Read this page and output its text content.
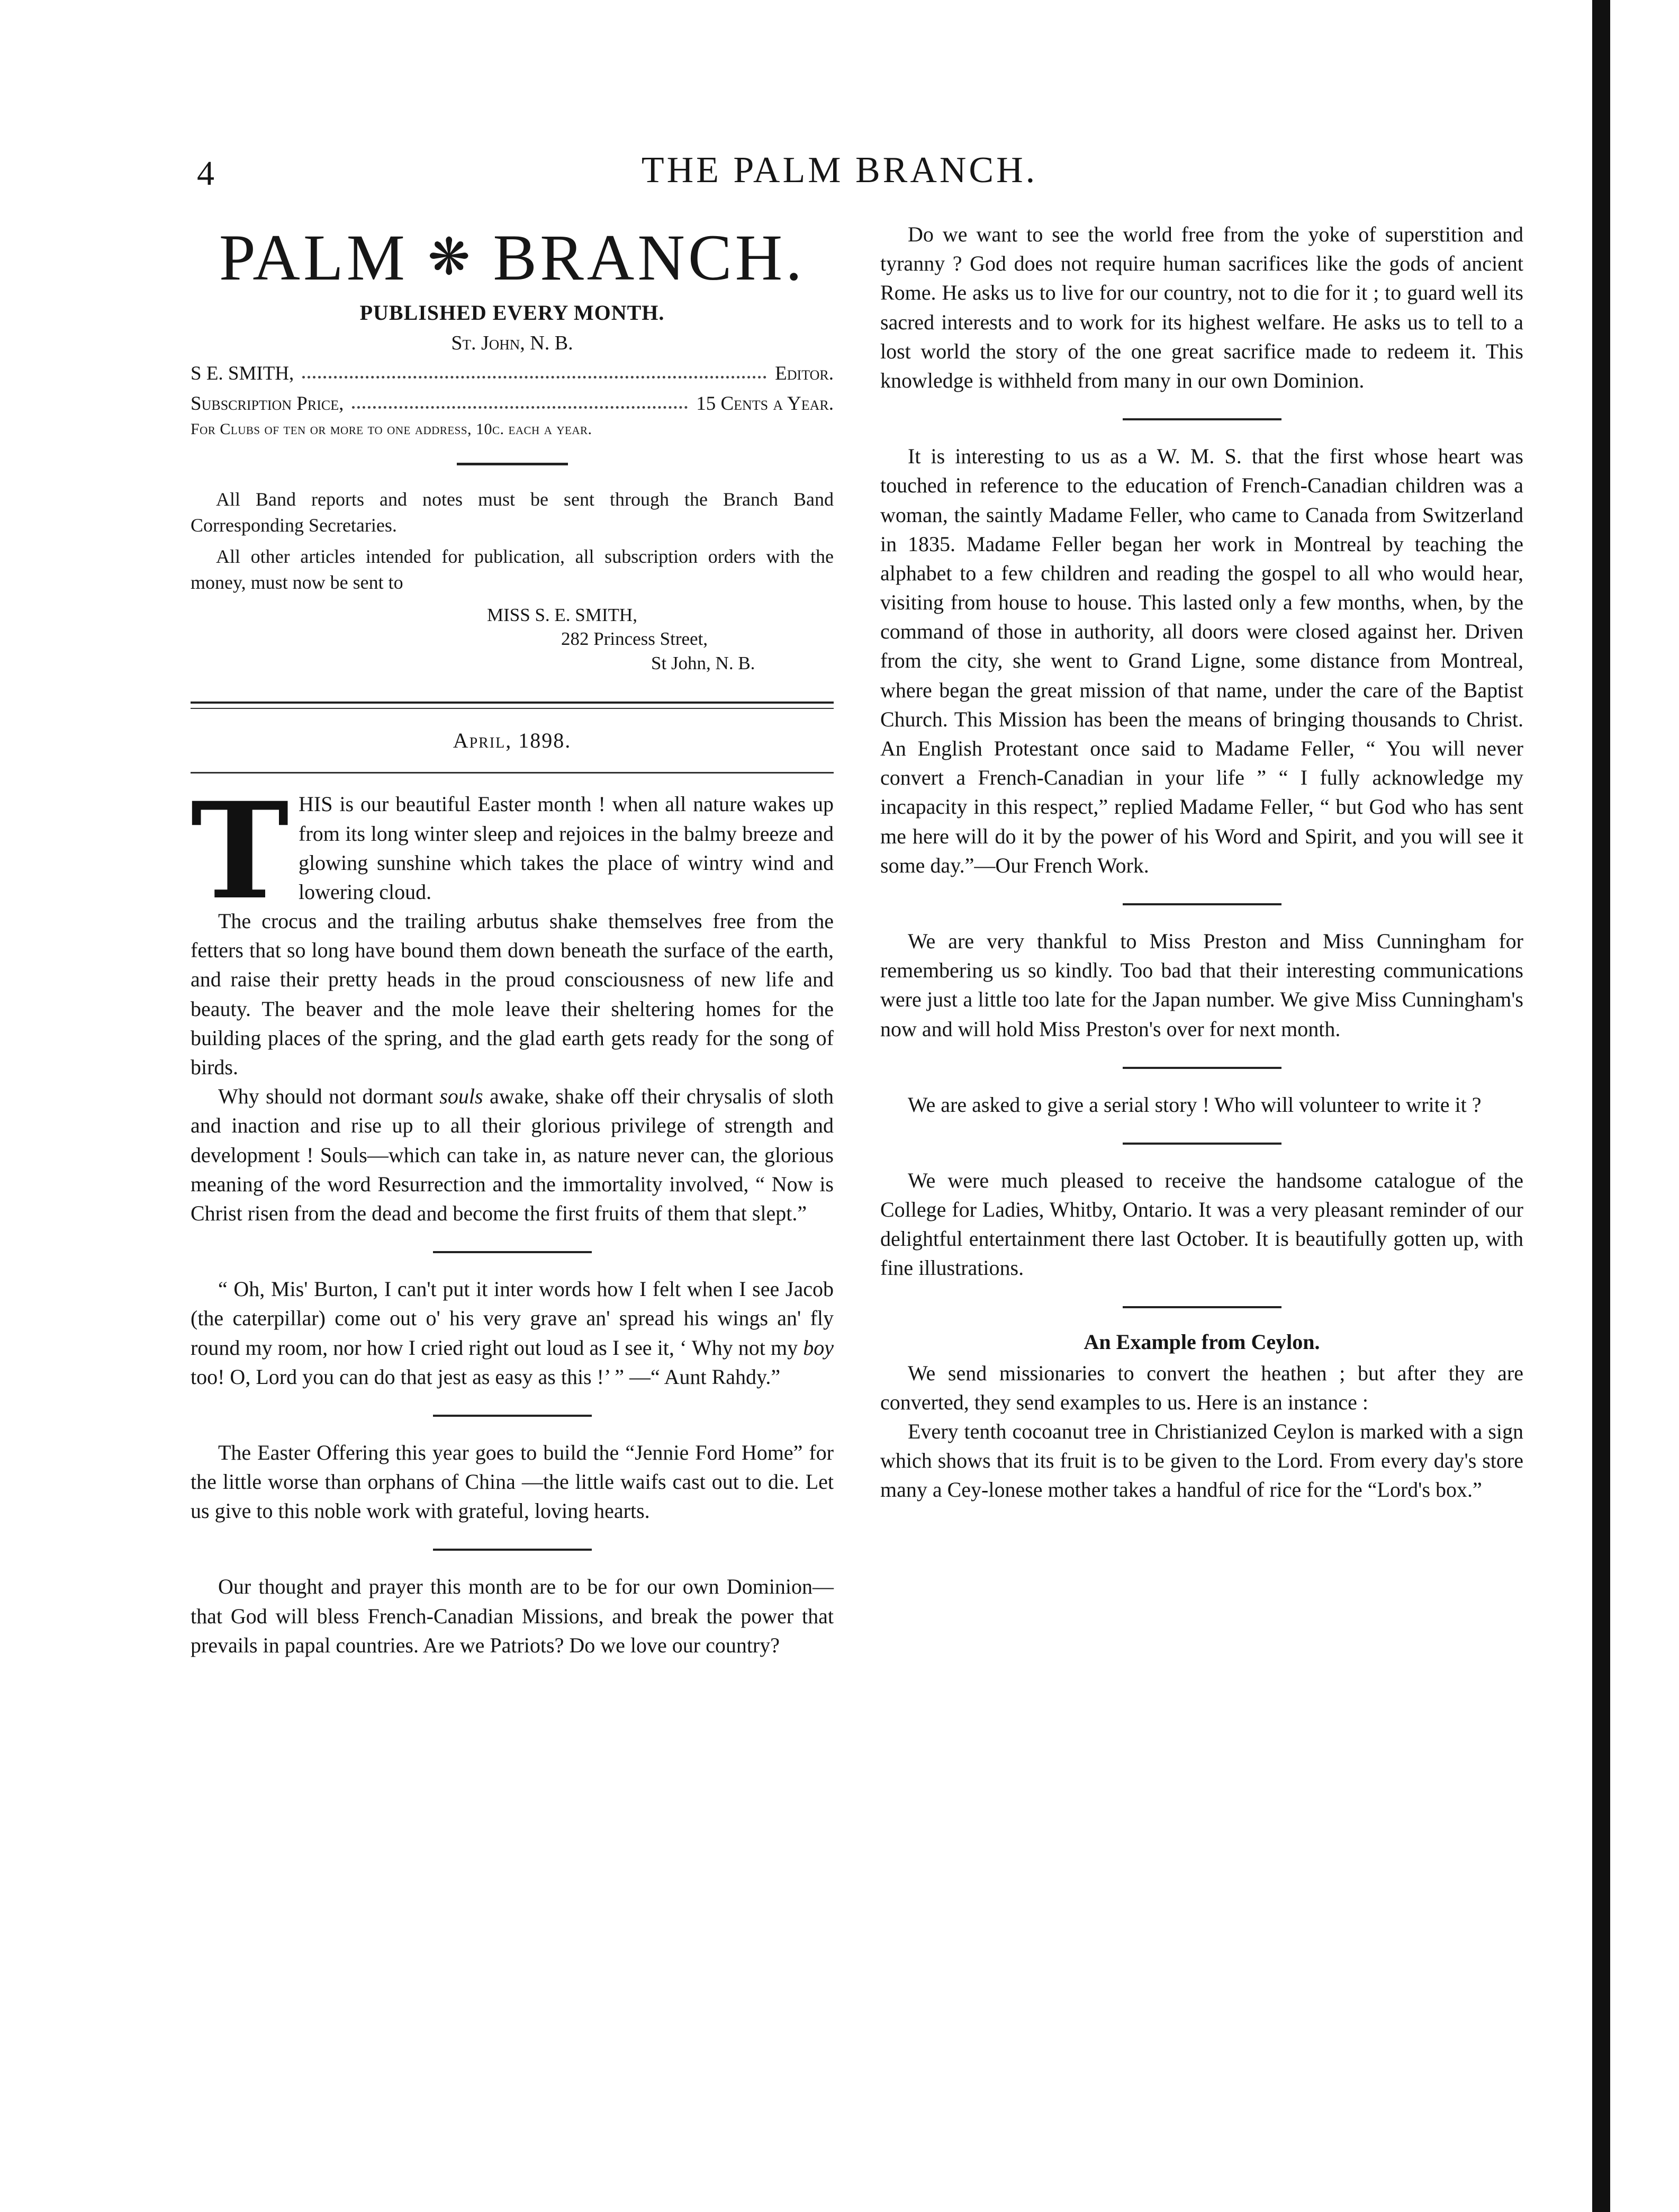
4	THE PALM BRANCH.
PALM ❋ BRANCH.
PUBLISHED EVERY MONTH.
St. John, N. B.
S E. SMITH,	Editor.
Subscription Price,	15 Cents a Year.
For Clubs of ten or more to one address, 10c. each a year.

All Band reports and notes must be sent through the Branch Band Corresponding Secretaries.

All other articles intended for publication, all subscription orders with the money, must now be sent to

MISS S. E. SMITH,
282 Princess Street,
St John, N. B.
April, 1898.
T HIS is our beautiful Easter month ! when all nature wakes up from its long winter sleep and rejoices in the balmy breeze and glowing sunshine which takes the place of wintry wind and lowering cloud.

The crocus and the trailing arbutus shake themselves free from the fetters that so long have bound them down beneath the surface of the earth, and raise their pretty heads in the proud consciousness of new life and beauty. The beaver and the mole leave their sheltering homes for the building places of the spring, and the glad earth gets ready for the song of birds.

Why should not dormant souls awake, shake off their chrysalis of sloth and inaction and rise up to all their glorious privilege of strength and development ! Souls—which can take in, as nature never can, the glorious meaning of the word Resurrection and the immortality involved, “ Now is Christ risen from the dead and become the first fruits of them that slept.”

“ Oh, Mis' Burton, I can't put it inter words how I felt when I see Jacob (the caterpillar) come out o' his very grave an' spread his wings an' fly round my room, nor how I cried right out loud as I see it, ‘ Why not my boy too! O, Lord you can do that jest as easy as this !’ ” —“ Aunt Rahdy.”

The Easter Offering this year goes to build the “Jennie Ford Home” for the little worse than orphans of China —the little waifs cast out to die. Let us give to this noble work with grateful, loving hearts.

Our thought and prayer this month are to be for our own Dominion—that God will bless French-Canadian Missions, and break the power that prevails in papal countries. Are we Patriots? Do we love our country?

Do we want to see the world free from the yoke of superstition and tyranny ? God does not require human sacrifices like the gods of ancient Rome. He asks us to live for our country, not to die for it ; to guard well its sacred interests and to work for its highest welfare. He asks us to tell to a lost world the story of the one great sacrifice made to redeem it. This knowledge is withheld from many in our own Dominion.

It is interesting to us as a W. M. S. that the first whose heart was touched in reference to the education of French-Canadian children was a woman, the saintly Madame Feller, who came to Canada from Switzerland in 1835. Madame Feller began her work in Montreal by teaching the alphabet to a few children and reading the gospel to all who would hear, visiting from house to house. This lasted only a few months, when, by the command of those in authority, all doors were closed against her. Driven from the city, she went to Grand Ligne, some distance from Montreal, where began the great mission of that name, under the care of the Baptist Church. This Mission has been the means of bringing thousands to Christ. An English Protestant once said to Madame Feller, “ You will never convert a French-Canadian in your life ” “ I fully acknowledge my incapacity in this respect,” replied Madame Feller, “ but God who has sent me here will do it by the power of his Word and Spirit, and you will see it some day.”—Our French Work.

We are very thankful to Miss Preston and Miss Cunningham for remembering us so kindly. Too bad that their interesting communications were just a little too late for the Japan number. We give Miss Cunningham's now and will hold Miss Preston's over for next month.

We are asked to give a serial story ! Who will volunteer to write it ?

We were much pleased to receive the handsome catalogue of the College for Ladies, Whitby, Ontario. It was a very pleasant reminder of our delightful entertainment there last October. It is beautifully gotten up, with fine illustrations.

An Example from Ceylon.

We send missionaries to convert the heathen ; but after they are converted, they send examples to us. Here is an instance :

Every tenth cocoanut tree in Christianized Ceylon is marked with a sign which shows that its fruit is to be given to the Lord. From every day's store many a Cey-lonese mother takes a handful of rice for the “Lord's box.”
